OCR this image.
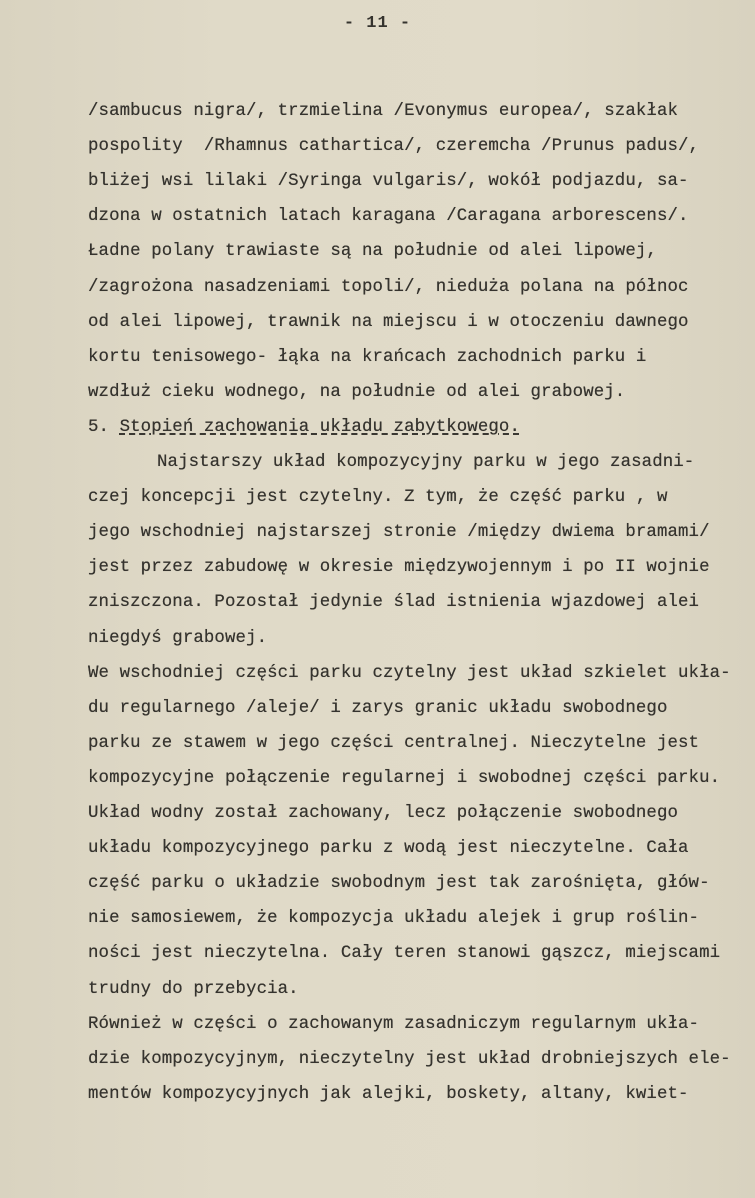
- 11 -
/sambucus nigra/, trzmielina /Evonymus europea/, szakłak
pospolity  /Rhamnus cathartica/, czeremcha /Prunus padus/,
bliżej wsi lilaki /Syringa vulgaris/, wokół podjazdu, sa-
dzona w ostatnich latach karagana /Caragana arborescens/.
Ładne polany trawiaste są na południe od alei lipowej,
/zagrożona nasadzeniami topoli/, nieduża polana na północ
od alei lipowej, trawnik na miejscu i w otoczeniu dawnego
kortu tenisowego- łąka na krańcach zachodnich parku i
wzdłuż cieku wodnego, na południe od alei grabowej.
5. Stopień zachowania układu zabytkowego.
Najstarszy układ kompozycyjny parku w jego zasadni-
czej koncepcji jest czytelny. Z tym, że część parku , w
jego wschodniej najstarszej stronie /między dwiema bramami/
jest przez zabudowę w okresie międzywojennym i po II wojnie
zniszczona. Pozostał jedynie ślad istnienia wjazdowej alei
niegdyś grabowej.
We wschodniej części parku czytelny jest układ szkielet ukła-
du regularnego /aleje/ i zarys granic układu swobodnego
parku ze stawem w jego części centralnej. Nieczytelne jest
kompozycyjne połączenie regularnej i swobodnej części parku.
Układ wodny został zachowany, lecz połączenie swobodnego
układu kompozycyjnego parku z wodą jest nieczytelne. Cała
część parku o układzie swobodnym jest tak zarośnięta, głów-
nie samosiewem, że kompozycja układu alejek i grup roślin-
ności jest nieczytelna. Cały teren stanowi gąszcz, miejscami
trudny do przebycia.
Również w części o zachowanym zasadniczym regularnym ukła-
dzie kompozycyjnym, nieczytelny jest układ drobniejszych ele-
mentów kompozycyjnych jak alejki, boskety, altany, kwiet-
